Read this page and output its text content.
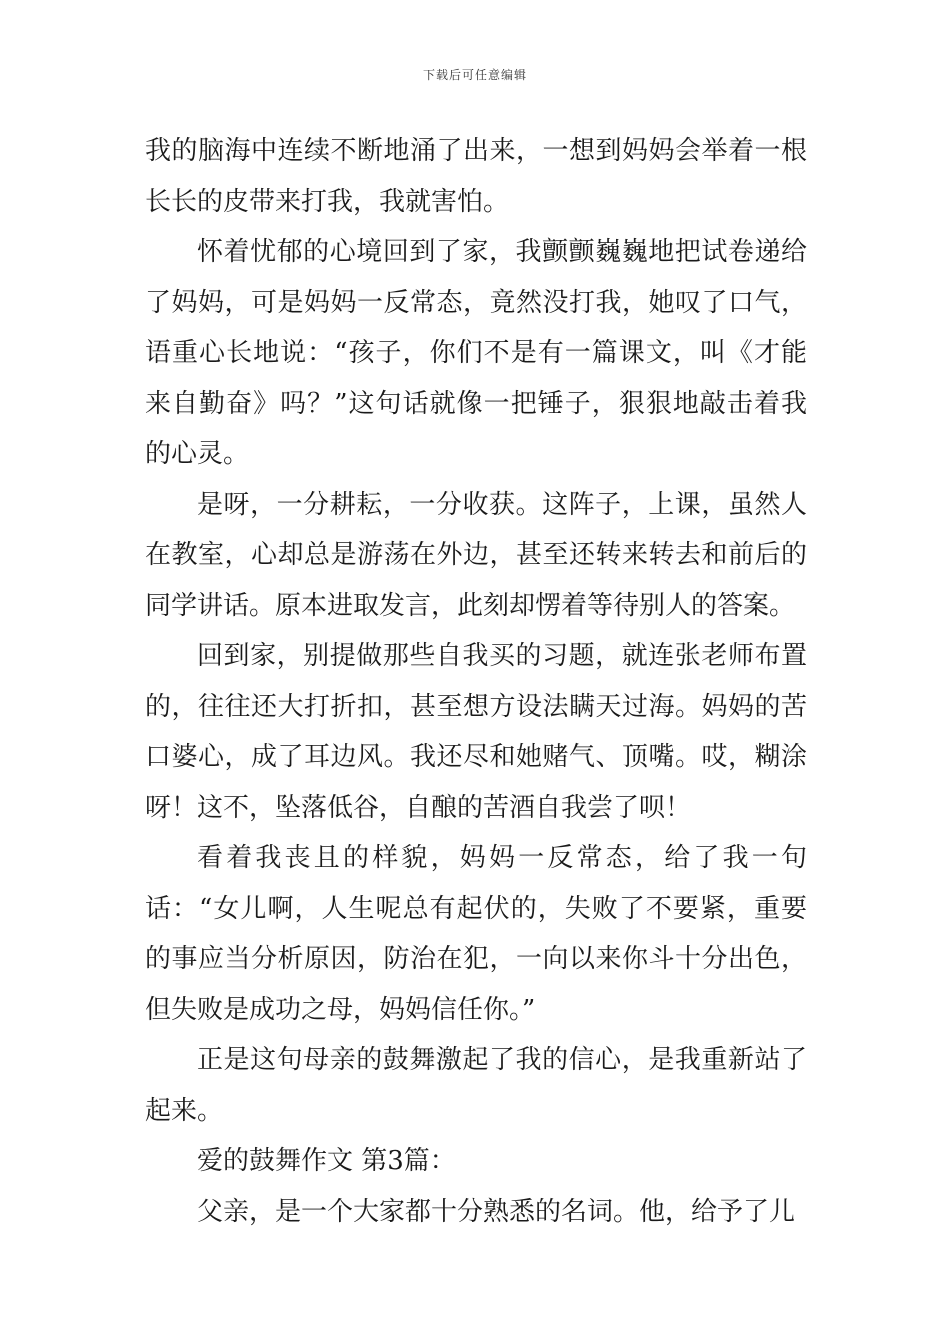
下载后可任意编辑

我的脑海中连续不断地涌了出来，一想到妈妈会举着一根长长的皮带来打我，我就害怕。

怀着忧郁的心境回到了家，我颤颤巍巍地把试卷递给了妈妈，可是妈妈一反常态，竟然没打我，她叹了口气，语重心长地说：“孩子，你们不是有一篇课文，叫《才能来自勤奋》吗？”这句话就像一把锤子，狠狠地敲击着我的心灵。

是呀，一分耕耘，一分收获。这阵子，上课，虽然人在教室，心却总是游荡在外边，甚至还转来转去和前后的同学讲话。原本进取发言，此刻却愣着等待别人的答案。

回到家，别提做那些自我买的习题，就连张老师布置的，往往还大打折扣，甚至想方设法瞒天过海。妈妈的苦口婆心，成了耳边风。我还尽和她赌气、顶嘴。哎，糊涂呀！这不，坠落低谷，自酿的苦酒自我尝了呗！

看着我丧且的样貌，妈妈一反常态，给了我一句话：“女儿啊，人生呢总有起伏的，失败了不要紧，重要的事应当分析原因，防治在犯，一向以来你斗十分出色，但失败是成功之母，妈妈信任你。”

正是这句母亲的鼓舞激起了我的信心，是我重新站了起来。

爱的鼓舞作文 第3篇：

父亲，是一个大家都十分熟悉的名词。他，给予了儿
